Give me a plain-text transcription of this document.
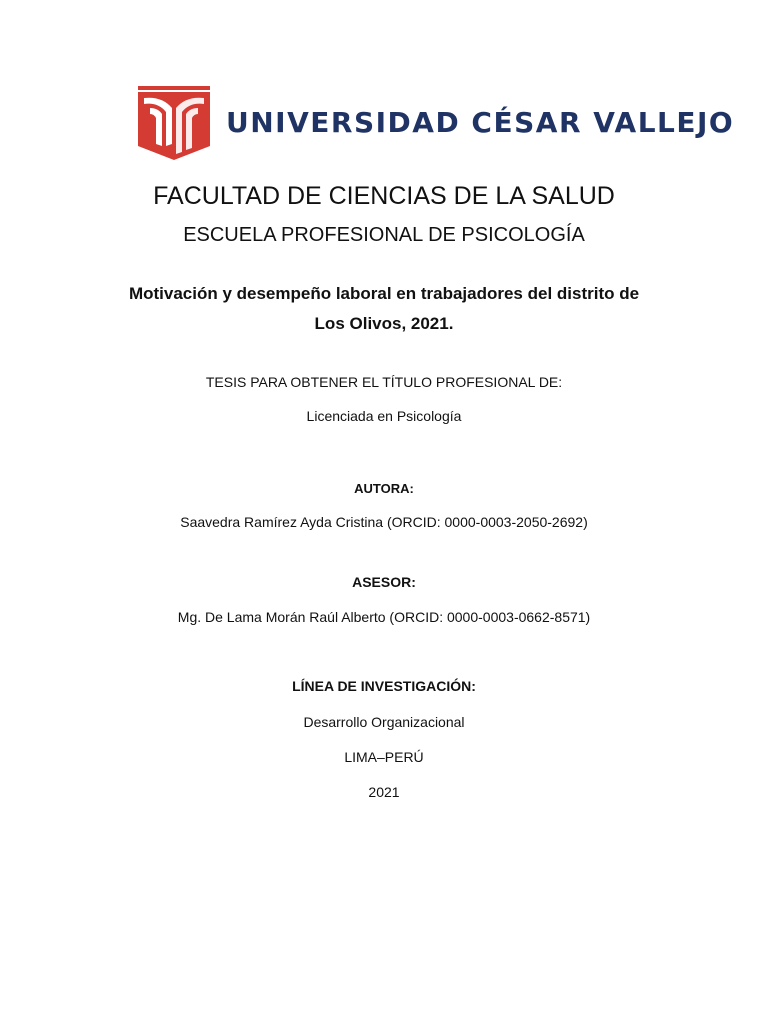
UNIVERSIDAD CÉSAR VALLEJO
FACULTAD DE CIENCIAS DE LA SALUD
ESCUELA PROFESIONAL DE PSICOLOGÍA
Motivación y desempeño laboral en trabajadores del distrito de
Los Olivos, 2021.
TESIS PARA OBTENER EL TÍTULO PROFESIONAL DE:
Licenciada en Psicología
AUTORA:
Saavedra Ramírez Ayda Cristina (ORCID: 0000-0003-2050-2692)
ASESOR:
Mg. De Lama Morán Raúl Alberto (ORCID: 0000-0003-0662-8571)
LÍNEA DE INVESTIGACIÓN:
Desarrollo Organizacional
LIMA–PERÚ
2021
